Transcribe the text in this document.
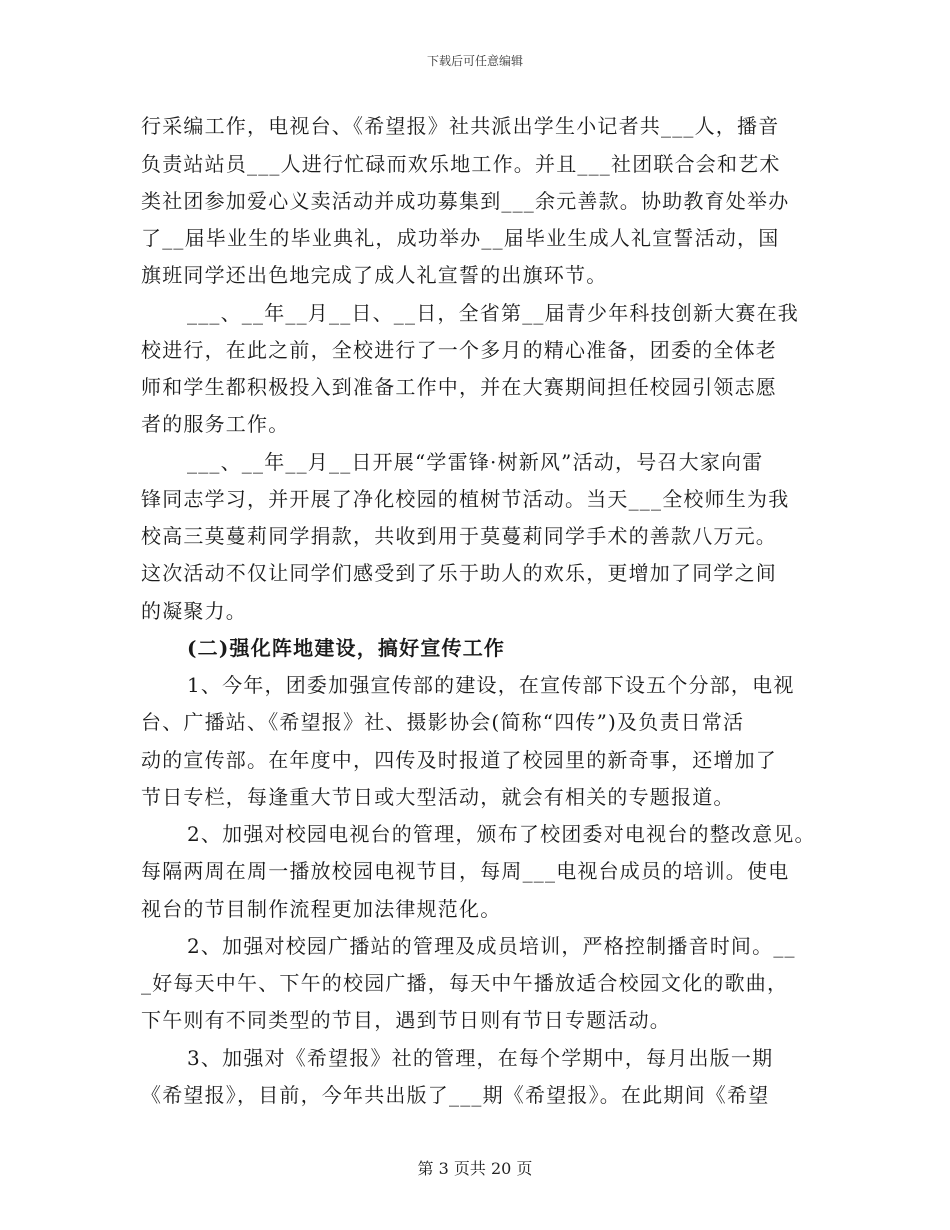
下载后可任意编辑
行采编工作，电视台、《希望报》社共派出学生小记者共___人，播音
负责站站员___人进行忙碌而欢乐地工作。并且___社团联合会和艺术
类社团参加爱心义卖活动并成功募集到___余元善款。协助教育处举办
了__届毕业生的毕业典礼，成功举办__届毕业生成人礼宣誓活动，国
旗班同学还出色地完成了成人礼宣誓的出旗环节。
___、__年__月__日、__日，全省第__届青少年科技创新大赛在我
校进行，在此之前，全校进行了一个多月的精心准备，团委的全体老
师和学生都积极投入到准备工作中，并在大赛期间担任校园引领志愿
者的服务工作。
___、__年__月__日开展“学雷锋·树新风”活动，号召大家向雷
锋同志学习，并开展了净化校园的植树节活动。当天___全校师生为我
校高三莫蔓莉同学捐款，共收到用于莫蔓莉同学手术的善款八万元。
这次活动不仅让同学们感受到了乐于助人的欢乐，更增加了同学之间
的凝聚力。
(二)强化阵地建设，搞好宣传工作
1、今年，团委加强宣传部的建设，在宣传部下设五个分部，电视
台、广播站、《希望报》社、摄影协会(简称“四传”)及负责日常活
动的宣传部。在年度中，四传及时报道了校园里的新奇事，还增加了
节日专栏，每逢重大节日或大型活动，就会有相关的专题报道。
2、加强对校园电视台的管理，颁布了校团委对电视台的整改意见。
每隔两周在周一播放校园电视节目，每周___电视台成员的培训。使电
视台的节目制作流程更加法律规范化。
2、加强对校园广播站的管理及成员培训，严格控制播音时间。__
_好每天中午、下午的校园广播，每天中午播放适合校园文化的歌曲，
下午则有不同类型的节目，遇到节日则有节日专题活动。
3、加强对《希望报》社的管理，在每个学期中，每月出版一期
《希望报》，目前，今年共出版了___期《希望报》。在此期间《希望
第 3 页共 20 页
